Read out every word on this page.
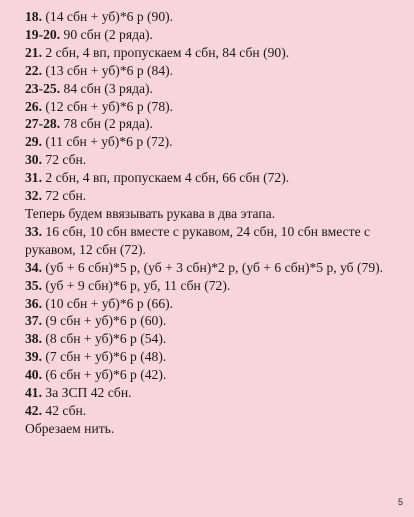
18. (14 сбн + уб)*6 р (90).
19-20. 90 сбн (2 ряда).
21. 2 сбн, 4 вп, пропускаем 4 сбн, 84 сбн (90).
22. (13 сбн + уб)*6 р (84).
23-25. 84 сбн (3 ряда).
26. (12 сбн + уб)*6 р (78).
27-28. 78 сбн (2 ряда).
29. (11 сбн + уб)*6 р (72).
30. 72 сбн.
31. 2 сбн, 4 вп, пропускаем 4 сбн, 66 сбн (72).
32. 72 сбн.
Теперь будем ввязывать рукава в два этапа.
33. 16 сбн, 10 сбн вместе с рукавом, 24 сбн, 10 сбн вместе с рукавом, 12 сбн (72).
34. (уб + 6 сбн)*5 р, (уб + 3 сбн)*2 р, (уб + 6 сбн)*5 р, уб (79).
35. (уб + 9 сбн)*6 р, уб, 11 сбн (72).
36. (10 сбн + уб)*6 р (66).
37. (9 сбн + уб)*6 р (60).
38. (8 сбн + уб)*6 р (54).
39. (7 сбн + уб)*6 р (48).
40. (6 сбн + уб)*6 р (42).
41. За ЗСП 42 сбн.
42. 42 сбн.
Обрезаем нить.
5
